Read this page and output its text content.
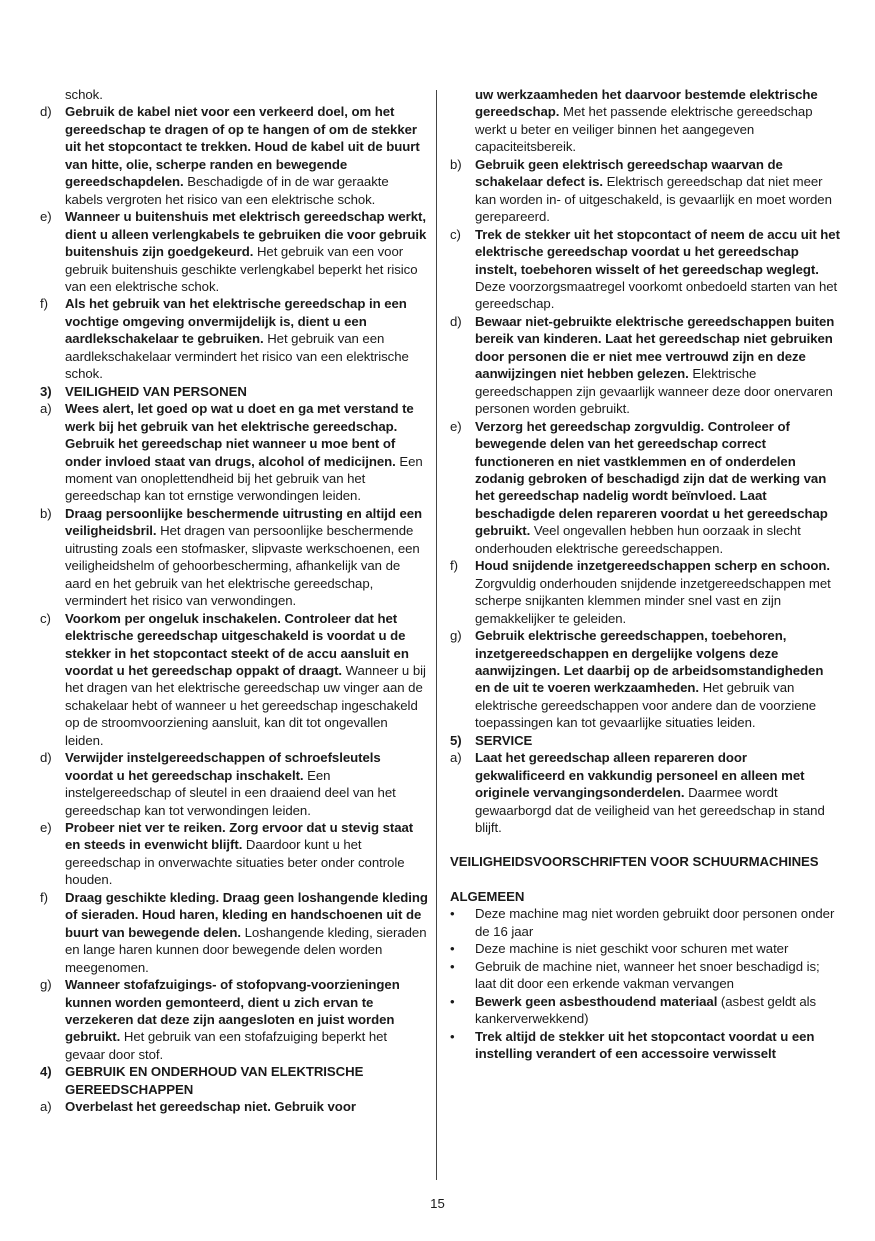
schok.
d) Gebruik de kabel niet voor een verkeerd doel, om het gereedschap te dragen of op te hangen of om de stekker uit het stopcontact te trekken. Houd de kabel uit de buurt van hitte, olie, scherpe randen en bewegende gereedschapdelen. Beschadigde of in de war geraakte kabels vergroten het risico van een elektrische schok.
e) Wanneer u buitenshuis met elektrisch gereedschap werkt, dient u alleen verlengkabels te gebruiken die voor gebruik buitenshuis zijn goedgekeurd. Het gebruik van een voor gebruik buitenshuis geschikte verlengkabel beperkt het risico van een elektrische schok.
f) Als het gebruik van het elektrische gereedschap in een vochtige omgeving onvermijdelijk is, dient u een aardlekschakelaar te gebruiken. Het gebruik van een aardlekschakelaar vermindert het risico van een elektrische schok.
3) VEILIGHEID VAN PERSONEN
a) Wees alert, let goed op wat u doet en ga met verstand te werk bij het gebruik van het elektrische gereedschap. Gebruik het gereedschap niet wanneer u moe bent of onder invloed staat van drugs, alcohol of medicijnen. Een moment van onoplettendheid bij het gebruik van het gereedschap kan tot ernstige verwondingen leiden.
b) Draag persoonlijke beschermende uitrusting en altijd een veiligheidsbril. Het dragen van persoonlijke beschermende uitrusting zoals een stofmasker, slipvaste werkschoenen, een veiligheidshelm of gehoorbescherming, afhankelijk van de aard en het gebruik van het elektrische gereedschap, vermindert het risico van verwondingen.
c) Voorkom per ongeluk inschakelen. Controleer dat het elektrische gereedschap uitgeschakeld is voordat u de stekker in het stopcontact steekt of de accu aansluit en voordat u het gereedschap oppakt of draagt. Wanneer u bij het dragen van het elektrische gereedschap uw vinger aan de schakelaar hebt of wanneer u het gereedschap ingeschakeld op de stroomvoorziening aansluit, kan dit tot ongevallen leiden.
d) Verwijder instelgereedschappen of schroefsleutels voordat u het gereedschap inschakelt. Een instelgereedschap of sleutel in een draaiend deel van het gereedschap kan tot verwondingen leiden.
e) Probeer niet ver te reiken. Zorg ervoor dat u stevig staat en steeds in evenwicht blijft. Daardoor kunt u het gereedschap in onverwachte situaties beter onder controle houden.
f) Draag geschikte kleding. Draag geen loshangende kleding of sieraden. Houd haren, kleding en handschoenen uit de buurt van bewegende delen. Loshangende kleding, sieraden en lange haren kunnen door bewegende delen worden meegenomen.
g) Wanneer stofafzuigings- of stofopvang-voorzieningen kunnen worden gemonteerd, dient u zich ervan te verzekeren dat deze zijn aangesloten en juist worden gebruikt. Het gebruik van een stofafzuiging beperkt het gevaar door stof.
4) GEBRUIK EN ONDERHOUD VAN ELEKTRISCHE GEREEDSCHAPPEN
a) Overbelast het gereedschap niet. Gebruik voor
uw werkzaamheden het daarvoor bestemde elektrische gereedschap. Met het passende elektrische gereedschap werkt u beter en veiliger binnen het aangegeven capaciteitsbereik.
b) Gebruik geen elektrisch gereedschap waarvan de schakelaar defect is. Elektrisch gereedschap dat niet meer kan worden in- of uitgeschakeld, is gevaarlijk en moet worden gerepareerd.
c) Trek de stekker uit het stopcontact of neem de accu uit het elektrische gereedschap voordat u het gereedschap instelt, toebehoren wisselt of het gereedschap weglegt. Deze voorzorgsmaatregel voorkomt onbedoeld starten van het gereedschap.
d) Bewaar niet-gebruikte elektrische gereedschappen buiten bereik van kinderen. Laat het gereedschap niet gebruiken door personen die er niet mee vertrouwd zijn en deze aanwijzingen niet hebben gelezen. Elektrische gereedschappen zijn gevaarlijk wanneer deze door onervaren personen worden gebruikt.
e) Verzorg het gereedschap zorgvuldig. Controleer of bewegende delen van het gereedschap correct functioneren en niet vastklemmen en of onderdelen zodanig gebroken of beschadigd zijn dat de werking van het gereedschap nadelig wordt beïnvloed. Laat beschadigde delen repareren voordat u het gereedschap gebruikt. Veel ongevallen hebben hun oorzaak in slecht onderhouden elektrische gereedschappen.
f) Houd snijdende inzetgereedschappen scherp en schoon. Zorgvuldig onderhouden snijdende inzetgereedschappen met scherpe snijkanten klemmen minder snel vast en zijn gemakkelijker te geleiden.
g) Gebruik elektrische gereedschappen, toebehoren, inzetgereedschappen en dergelijke volgens deze aanwijzingen. Let daarbij op de arbeidsomstandigheden en de uit te voeren werkzaamheden. Het gebruik van elektrische gereedschappen voor andere dan de voorziene toepassingen kan tot gevaarlijke situaties leiden.
5) SERVICE
a) Laat het gereedschap alleen repareren door gekwalificeerd en vakkundig personeel en alleen met originele vervangingsonderdelen. Daarmee wordt gewaarborgd dat de veiligheid van het gereedschap in stand blijft.
VEILIGHEIDSVOORSCHRIFTEN VOOR SCHUURMACHINES
ALGEMEEN
• Deze machine mag niet worden gebruikt door personen onder de 16 jaar
• Deze machine is niet geschikt voor schuren met water
• Gebruik de machine niet, wanneer het snoer beschadigd is; laat dit door een erkende vakman vervangen
• Bewerk geen asbesthoudend materiaal (asbest geldt als kankerverwekkend)
• Trek altijd de stekker uit het stopcontact voordat u een instelling verandert of een accessoire verwisselt
15
